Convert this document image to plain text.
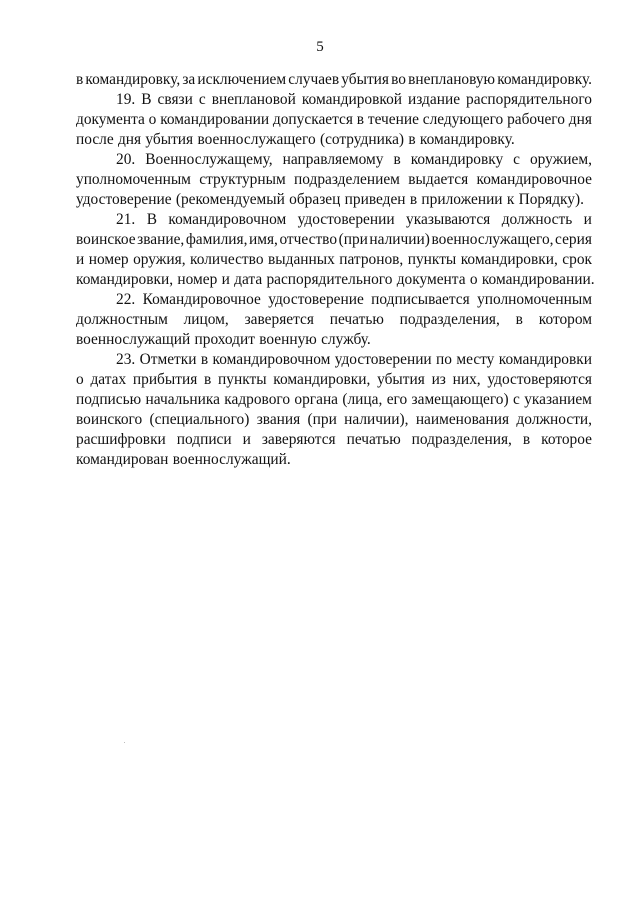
5
в командировку, за исключением случаев убытия во внеплановую командировку.
19. В связи с внеплановой командировкой издание распорядительного
документа о командировании допускается в течение следующего рабочего дня
после дня убытия военнослужащего (сотрудника) в командировку.
20. Военнослужащему, направляемому в командировку с оружием,
уполномоченным структурным подразделением выдается командировочное
удостоверение (рекомендуемый образец приведен в приложении к Порядку).
21. В командировочном удостоверении указываются должность и
воинское звание, фамилия, имя, отчество (при наличии) военнослужащего, серия
и номер оружия, количество выданных патронов, пункты командировки, срок
командировки, номер и дата распорядительного документа о командировании.
22. Командировочное удостоверение подписывается уполномоченным
должностным лицом, заверяется печатью подразделения, в котором
военнослужащий проходит военную службу.
23. Отметки в командировочном удостоверении по месту командировки
о датах прибытия в пункты командировки, убытия из них, удостоверяются
подписью начальника кадрового органа (лица, его замещающего) с указанием
воинского (специального) звания (при наличии), наименования должности,
расшифровки подписи и заверяются печатью подразделения, в которое
командирован военнослужащий.
